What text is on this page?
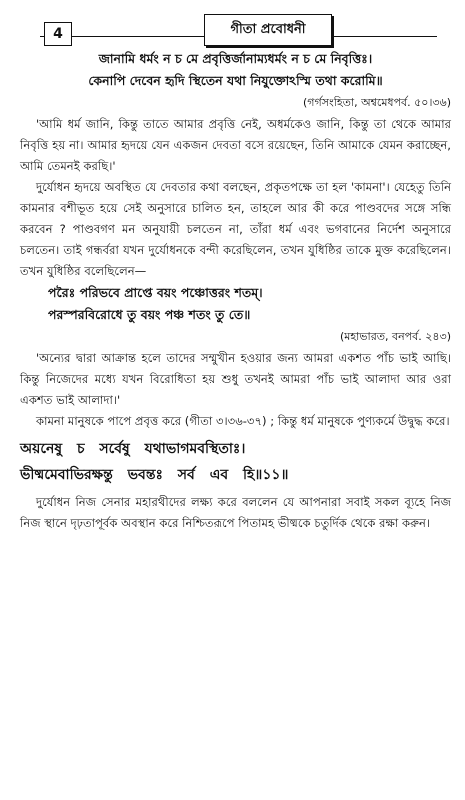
4	গীতা প্রবোধনী
জানামি ধর্মং ন চ মে প্রবৃত্তির্জানাম্যধর্মং ন চ মে নিবৃত্তিঃ।
কেনাপি দেবেন হৃদি স্থিতেন যথা নিযুক্তোঽস্মি তথা করোমি॥
(গর্গসংহিতা, অশ্বমেধপর্ব. ৫০।৩৬)
'আমি ধর্ম জানি, কিন্তু তাতে আমার প্রবৃত্তি নেই, অধর্মকেও জানি, কিন্তু তা থেকে আমার নিবৃত্তি হয় না। আমার হৃদয়ে যেন একজন দেবতা বসে রয়েছেন, তিনি আমাকে যেমন করাচ্ছেন, আমি তেমনই করছি।'
দুর্যোধন হৃদয়ে অবস্থিত যে দেবতার কথা বলছেন, প্রকৃতপক্ষে তা হল 'কামনা'। যেহেতু তিনি কামনার বশীভূত হয়ে সেই অনুসারে চালিত হন, তাহলে আর কী করে পাণ্ডবদের সঙ্গে সন্ধি করবেন ? পাণ্ডবগণ মন অনুযায়ী চলতেন না, তাঁরা ধর্ম এবং ভগবানের নির্দেশ অনুসারে চলতেন। তাই গন্ধর্বরা যখন দুর্যোধনকে বন্দী করেছিলেন, তখন যুধিষ্ঠির তাকে মুক্ত করেছিলেন। তখন যুধিষ্ঠির বলেছিলেন—
পরৈঃ পরিভবে প্রাপ্তে বয়ং পঞ্চোত্তরং শতম্।
পরস্পরবিরোধে তু বয়ং পঞ্চ শতং তু তে॥
(মহাভারত, বনপর্ব. ২৪৩)
'অন্যের দ্বারা আক্রান্ত হলে তাদের সম্মুখীন হওয়ার জন্য আমরা একশত পাঁচ ভাই আছি। কিন্তু নিজেদের মধ্যে যখন বিরোধিতা হয় শুধু তখনই আমরা পাঁচ ভাই আলাদা আর ওরা একশত ভাই আলাদা।'
কামনা মানুষকে পাপে প্রবৃত্ত করে (গীতা ৩।৩৬-৩৭) ; কিন্তু ধর্ম মানুষকে পুণ্যকর্মে উদ্বুদ্ধ করে।
অয়নেষু চ সর্বেষু যথাভাগমবস্থিতাঃ।
ভীষ্মমেবাভিরক্ষন্তু ভবন্তঃ সর্ব এব হি॥১১॥
দুর্যোধন নিজ সেনার মহারথীদের লক্ষ্য করে বললেন যে আপনারা সবাই সকল ব্যূহে নিজ নিজ স্থানে দৃঢ়তাপূর্বক অবস্থান করে নিশ্চিতরূপে পিতামহ ভীষ্মকে চতুর্দিক থেকে রক্ষা করুন।
